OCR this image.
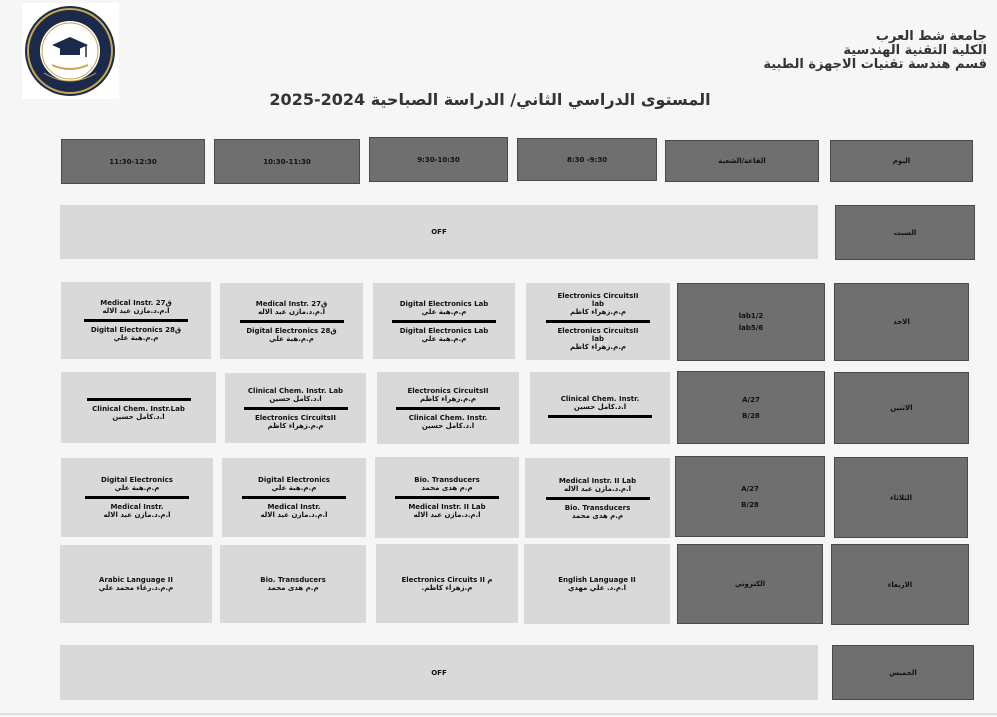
جامعة شط العرب
الكلية التقنية الهندسية
قسم هندسة تقنيات الاجهزة الطبية
المستوى الدراسي الثاني/ الدراسة الصباحية 2024-2025
اليوم
القاعة/الشعبة
8:30 -9:30
9:30-10:30
10:30-11:30
11:30-12:30
السبت
OFF
الاحد
lab1/2
lab5/6
Electronics CircuitsII
lab
م.م.زهراء كاظم
Electronics CircuitsII
lab
م.م.زهراء كاظم
Digital Electronics Lab
م.م.هبة علي
Digital Electronics Lab
م.م.هبة علي
Medical Instr. 27ق
ا.م.د.مازن عبد الاله
Digital Electronics 28ق
م.م.هبة علي
Medical Instr. 27ق
ا.م.د.مازن عبد الاله
Digital Electronics 28ق
م.م.هبة علي
الاثنين
A/27
B/28
Clinical Chem. Instr.
ا.د.كامل حسين
Electronics CircuitsII
م.م.زهراء كاظم
Clinical Chem. Instr.
ا.د.كامل حسين
Clinical Chem. Instr. Lab
ا.د.كامل حسين
Electronics CircuitsII
م.م.زهراء كاظم
Clinical Chem. Instr.Lab
ا.د.كامل حسين
الثلاثاء
A/27
B/28
Medical Instr. II Lab
ا.م.د.مازن عبد الاله
Bio. Transducers
م.م هدى محمد
Bio. Transducers
م.م هدى محمد
Medical Instr. II Lab
ا.م.د.مازن عبد الاله
Digital Electronics
م.م.هبة علي
Medical Instr.
ا.م.د.مازن عبد الاله
Digital Electronics
م.م.هبة علي
Medical Instr.
ا.م.د.مازن عبد الاله
الاربعاء
الكتروني
English Language II
ا.م.د. علي مهدي
Electronics Circuits II م
م.زهراء كاظم.
Bio. Transducers
م.م هدى محمد
Arabic Language II
م.م.د.رغاء محمد علي
الخميس
OFF
